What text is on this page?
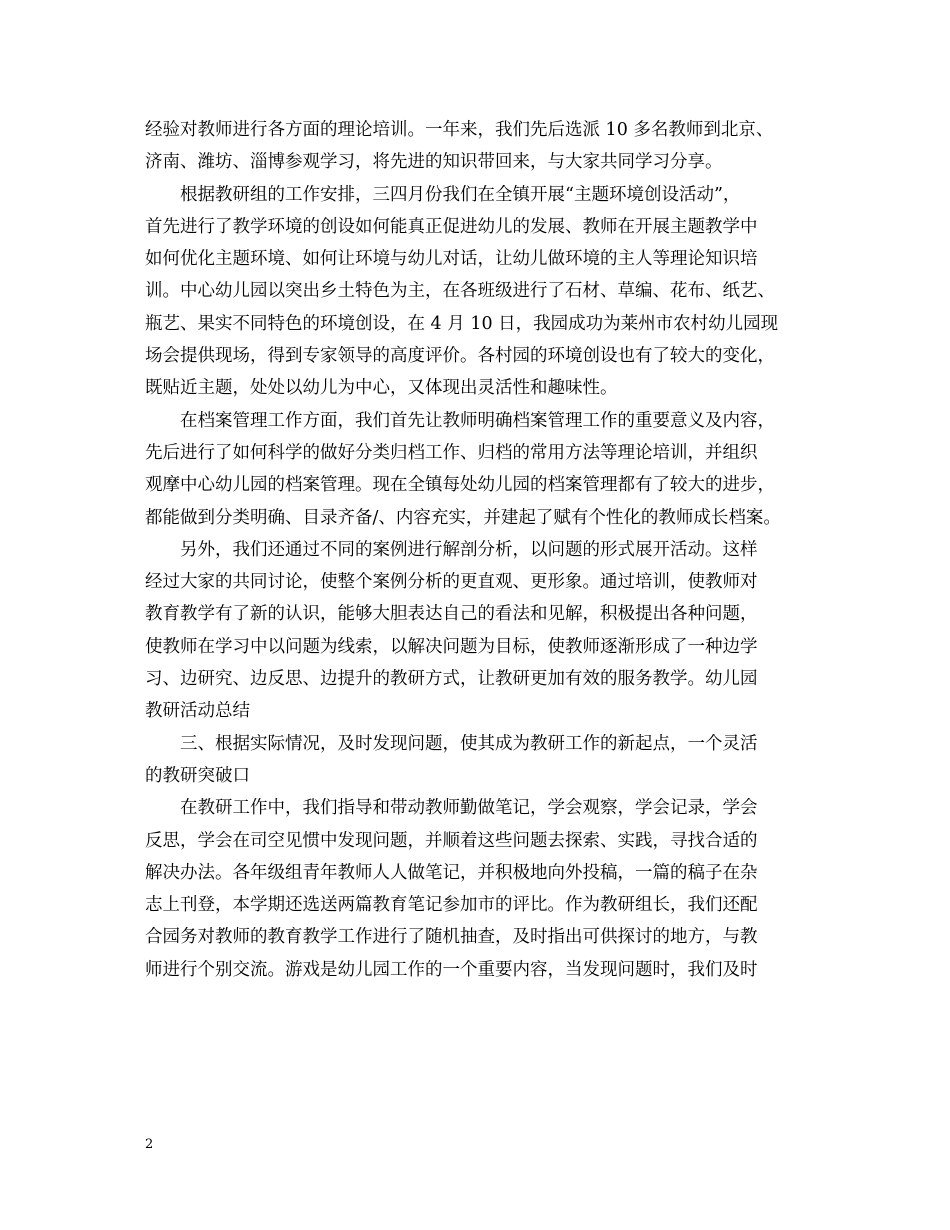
经验对教师进行各方面的理论培训。一年来，我们先后选派 10 多名教师到北京、
济南、潍坊、淄博参观学习，将先进的知识带回来，与大家共同学习分享。
　　根据教研组的工作安排，三四月份我们在全镇开展“主题环境创设活动”，
首先进行了教学环境的创设如何能真正促进幼儿的发展、教师在开展主题教学中
如何优化主题环境、如何让环境与幼儿对话，让幼儿做环境的主人等理论知识培
训。中心幼儿园以突出乡土特色为主，在各班级进行了石材、草编、花布、纸艺、
瓶艺、果实不同特色的环境创设，在 4 月 10 日，我园成功为莱州市农村幼儿园现
场会提供现场，得到专家领导的高度评价。各村园的环境创设也有了较大的变化，
既贴近主题，处处以幼儿为中心，又体现出灵活性和趣味性。
　　在档案管理工作方面，我们首先让教师明确档案管理工作的重要意义及内容，
先后进行了如何科学的做好分类归档工作、归档的常用方法等理论培训，并组织
观摩中心幼儿园的档案管理。现在全镇每处幼儿园的档案管理都有了较大的进步，
都能做到分类明确、目录齐备/、内容充实，并建起了赋有个性化的教师成长档案。
　　另外，我们还通过不同的案例进行解剖分析，以问题的形式展开活动。这样
经过大家的共同讨论，使整个案例分析的更直观、更形象。通过培训，使教师对
教育教学有了新的认识，能够大胆表达自己的看法和见解，积极提出各种问题，
使教师在学习中以问题为线索，以解决问题为目标，使教师逐渐形成了一种边学
习、边研究、边反思、边提升的教研方式，让教研更加有效的服务教学。幼儿园
教研活动总结
　　三、根据实际情况，及时发现问题，使其成为教研工作的新起点，一个灵活
的教研突破口
　　在教研工作中，我们指导和带动教师勤做笔记，学会观察，学会记录，学会
反思，学会在司空见惯中发现问题，并顺着这些问题去探索、实践，寻找合适的
解决办法。各年级组青年教师人人做笔记，并积极地向外投稿，一篇的稿子在杂
志上刊登，本学期还选送两篇教育笔记参加市的评比。作为教研组长，我们还配
合园务对教师的教育教学工作进行了随机抽查，及时指出可供探讨的地方，与教
师进行个别交流。游戏是幼儿园工作的一个重要内容，当发现问题时，我们及时
2
